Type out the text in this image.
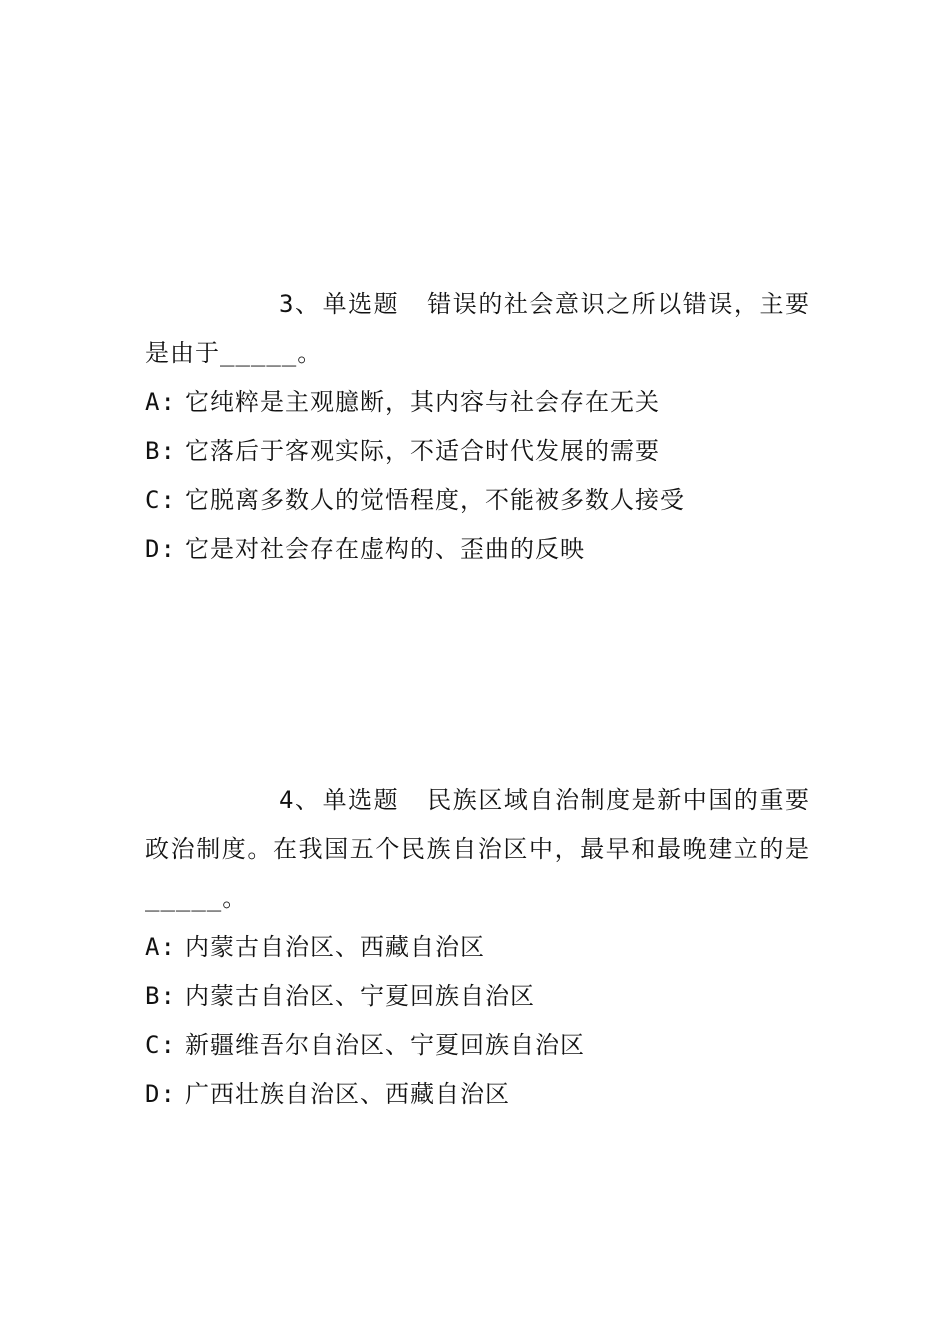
3、单选题 错误的社会意识之所以错误，主要是由于_____。

A: 它纯粹是主观臆断，其内容与社会存在无关
B: 它落后于客观实际，不适合时代发展的需要
C: 它脱离多数人的觉悟程度，不能被多数人接受
D: 它是对社会存在虚构的、歪曲的反映

4、单选题 民族区域自治制度是新中国的重要政治制度。在我国五个民族自治区中，最早和最晚建立的是_____。

A: 内蒙古自治区、西藏自治区
B: 内蒙古自治区、宁夏回族自治区
C: 新疆维吾尔自治区、宁夏回族自治区
D: 广西壮族自治区、西藏自治区
